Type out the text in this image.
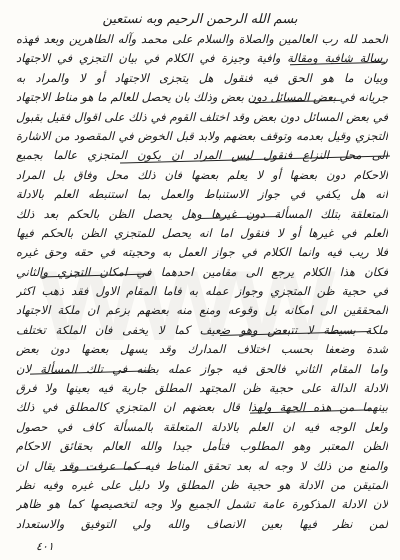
بسم الله الرحمن الرحيم وبه نستعين
الحمد لله رب العالمين والصلاة والسلام على محمد وآله الطاهرين وبعد فهذه
رسالة شافية ومقالة وافية وجيزة في الكلام في بيان التجزي في الاجتهاد
وبيان ما هو الحق فيه فنقول هل يتجزى الاجتهاد أو لا والمراد به
جريانه في بعض المسائل دون بعض وذلك بان يحصل للعالم ما هو مناط الاجتهاد
في بعض المسائل دون بعض وقد اختلف القوم في ذلك على اقوال فقيل بقبول
التجزي وقيل بعدمه وتوقف بعضهم ولابد قبل الخوض في المقصود من الاشارة
الى محل النزاع فنقول ليس المراد ان يكون المتجزي عالما بجميع
الاحكام دون بعضها أو لا يعلم بعضها فان ذلك محل وفاق بل المراد
انه هل يكفي في جواز الاستنباط والعمل بما استنبطه العلم بالادلة
المتعلقة بتلك المسألة دون غيرها وهل يحصل الظن بالحكم بعد ذلك
العلم في غيرها أو لا فنقول اما انه يحصل للمتجزي الظن بالحكم فيها
فلا ريب فيه وانما الكلام في جواز العمل به وحجيته في حقه وحق غيره
فكان هذا الكلام يرجع الى مقامين احدهما في امكان التجزي والثاني
في حجية ظن المتجزي وجواز عمله به فاما المقام الاول فقد ذهب اكثر
المحققين الى امكانه بل وقوعه ومنع منه بعضهم بزعم ان ملكة الاجتهاد
ملكة بسيطة لا تتبعض وهو ضعيف كما لا يخفى فان الملكة تختلف
شدة وضعفا بحسب اختلاف المدارك وقد يسهل بعضها دون بعض
واما المقام الثاني فالحق فيه جواز عمله بظنه في تلك المسألة لان
الادلة الدالة على حجية ظن المجتهد المطلق جارية فيه بعينها ولا فرق
بينهما من هذه الجهة ولهذا قال بعضهم ان المتجزي كالمطلق في ذلك
ولعل الوجه فيه ان العلم بالادلة المتعلقة بالمسألة كاف في حصول
الظن المعتبر وهو المطلوب فتأمل جيدا والله العالم بحقائق الاحكام
والمنع من ذلك لا وجه له بعد تحقق المناط فيه كما عرفت وقد يقال ان
المتيقن من الادلة هو حجية ظن المطلق ولا دليل على غيره وفيه نظر
لان الادلة المذكورة عامة تشمل الجميع ولا وجه لتخصيصها كما هو ظاهر
لمن نظر فيها بعين الانصاف والله ولي التوفيق والاستعداد
٤٠١
